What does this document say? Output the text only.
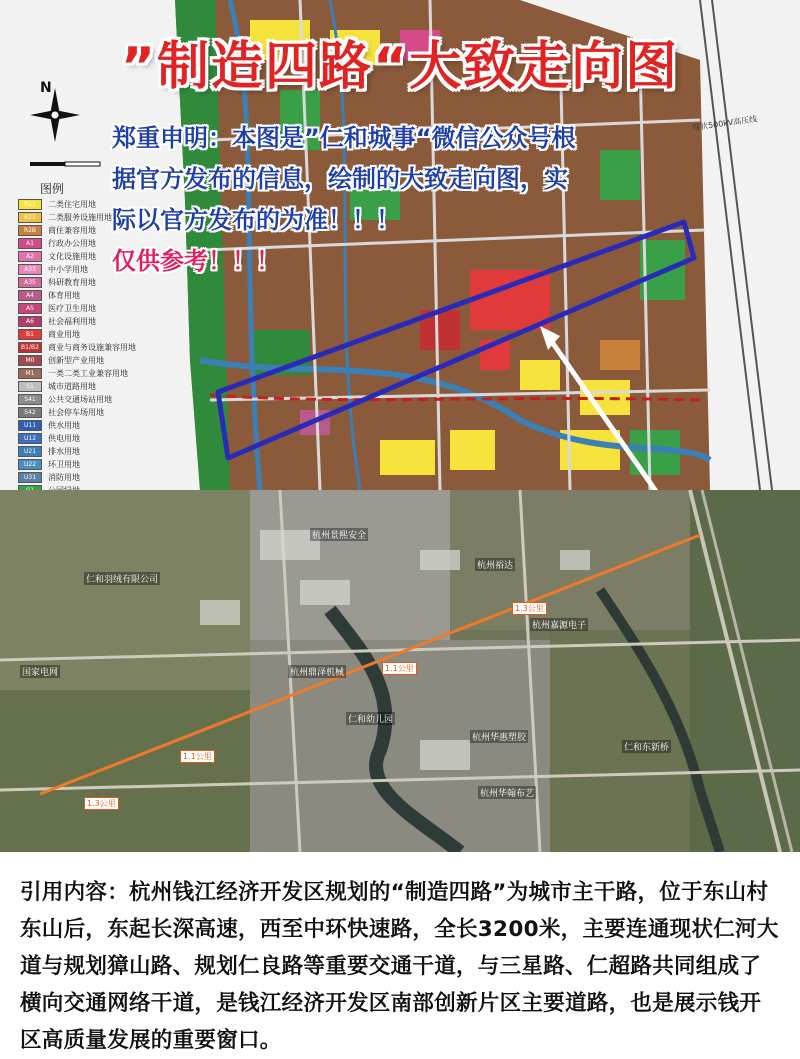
N
现状500kV高压线
图例
R21	二类住宅用地
R22	二类服务设施用地
R2B	商住兼容用地
A1	行政办公用地
A2	文化设施用地
A33	中小学用地
A35	科研教育用地
A4	体育用地
A5	医疗卫生用地
A6	社会福利用地
B1	商业用地
B1/B2	商业与商务设施兼容用地
M0	创新型产业用地
M1	一类二类工业兼容用地
S1	城市道路用地
S41	公共交通场站用地
S42	社会停车场用地
U11	供水用地
U12	供电用地
U21	排水用地
U22	环卫用地
U31	消防用地
”制造四路“大致走向图
郑重申明：本图是”仁和城事“微信公众号根据官方发布的信息，绘制的大致走向图，实际以官方发布的为准！！！
仅供参考！！！
杭州景熙安全
仁和羽绒有限公司
国家电网	杭州鼎泽机械
杭州裕达
杭州嘉源电子
仁和幼儿园
杭州华惠塑胶
仁和东新桥
杭州华翰布艺
1.3公里
1.1公里
1.1公里
1.3公里

引用内容：杭州钱江经济开发区规划的“制造四路”为城市主干路，位于东山村东山后，东起长深高速，西至中环快速路，全长3200米，主要连通现状仁河大道与规划獐山路、规划仁良路等重要交通干道，与三星路、仁超路共同组成了横向交通网络干道，是钱江经济开发区南部创新片区主要道路，也是展示钱开区高质量发展的重要窗口。
